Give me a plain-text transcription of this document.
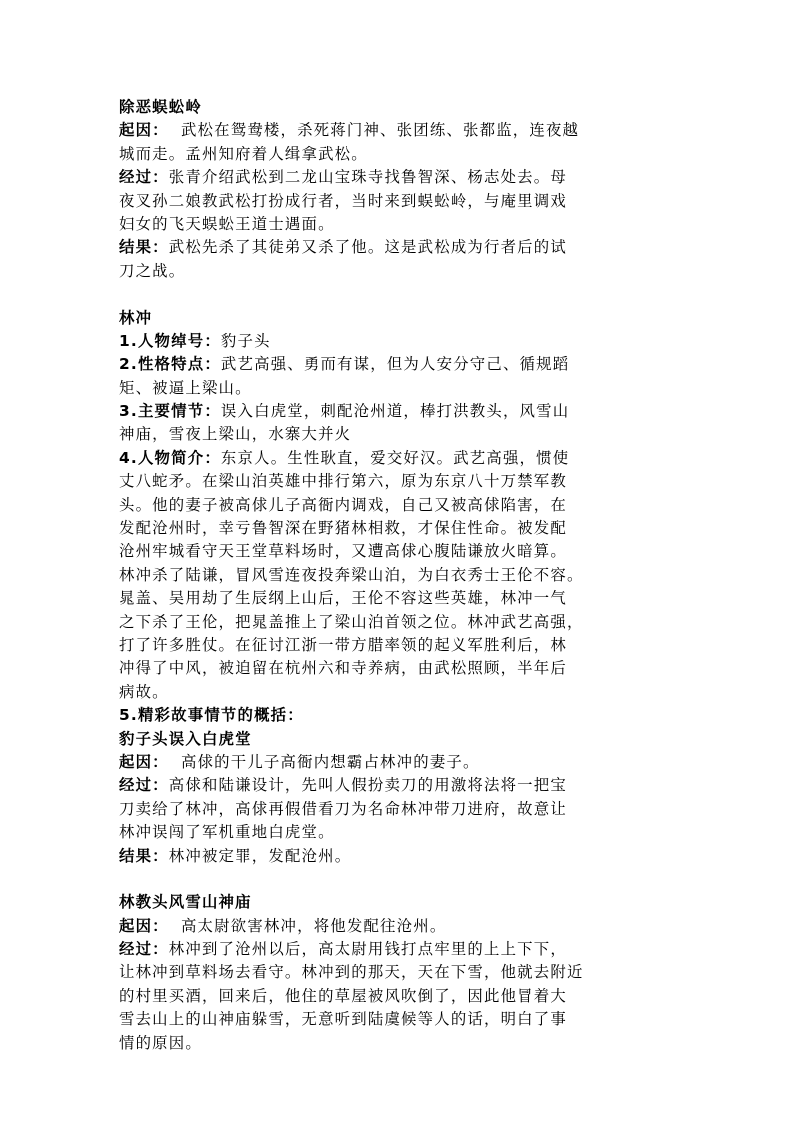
除恶蜈蚣岭
起因：  武松在鸳鸯楼，杀死蒋门神、张团练、张都监，连夜越
城而走。孟州知府着人缉拿武松。
经过：张青介绍武松到二龙山宝珠寺找鲁智深、杨志处去。母
夜叉孙二娘教武松打扮成行者，当时来到蜈蚣岭，与庵里调戏
妇女的飞天蜈蚣王道士遇面。
结果：武松先杀了其徒弟又杀了他。这是武松成为行者后的试
刀之战。
林冲
1.人物绰号：豹子头
2.性格特点：武艺高强、勇而有谋，但为人安分守己、循规蹈
矩、被逼上梁山。
3.主要情节：误入白虎堂，刺配沧州道，棒打洪教头，风雪山
神庙，雪夜上梁山，水寨大并火
4.人物简介：东京人。生性耿直，爱交好汉。武艺高强，惯使
丈八蛇矛。在梁山泊英雄中排行第六，原为东京八十万禁军教
头。他的妻子被高俅儿子高衙内调戏，自己又被高俅陷害，在
发配沧州时，幸亏鲁智深在野猪林相救，才保住性命。被发配
沧州牢城看守天王堂草料场时，又遭高俅心腹陆谦放火暗算。
林冲杀了陆谦，冒风雪连夜投奔梁山泊，为白衣秀士王伦不容。
晁盖、吴用劫了生辰纲上山后，王伦不容这些英雄，林冲一气
之下杀了王伦，把晁盖推上了梁山泊首领之位。林冲武艺高强，
打了许多胜仗。在征讨江浙一带方腊率领的起义军胜利后，林
冲得了中风，被迫留在杭州六和寺养病，由武松照顾，半年后
病故。
5.精彩故事情节的概括：
豹子头误入白虎堂
起因：  高俅的干儿子高衙内想霸占林冲的妻子。
经过：高俅和陆谦设计，先叫人假扮卖刀的用激将法将一把宝
刀卖给了林冲，高俅再假借看刀为名命林冲带刀进府，故意让
林冲误闯了军机重地白虎堂。
结果：林冲被定罪，发配沧州。
林教头风雪山神庙
起因：  高太尉欲害林冲，将他发配往沧州。
经过：林冲到了沧州以后，高太尉用钱打点牢里的上上下下，
让林冲到草料场去看守。林冲到的那天，天在下雪，他就去附近
的村里买酒，回来后，他住的草屋被风吹倒了，因此他冒着大
雪去山上的山神庙躲雪，无意听到陆虞候等人的话，明白了事
情的原因。
